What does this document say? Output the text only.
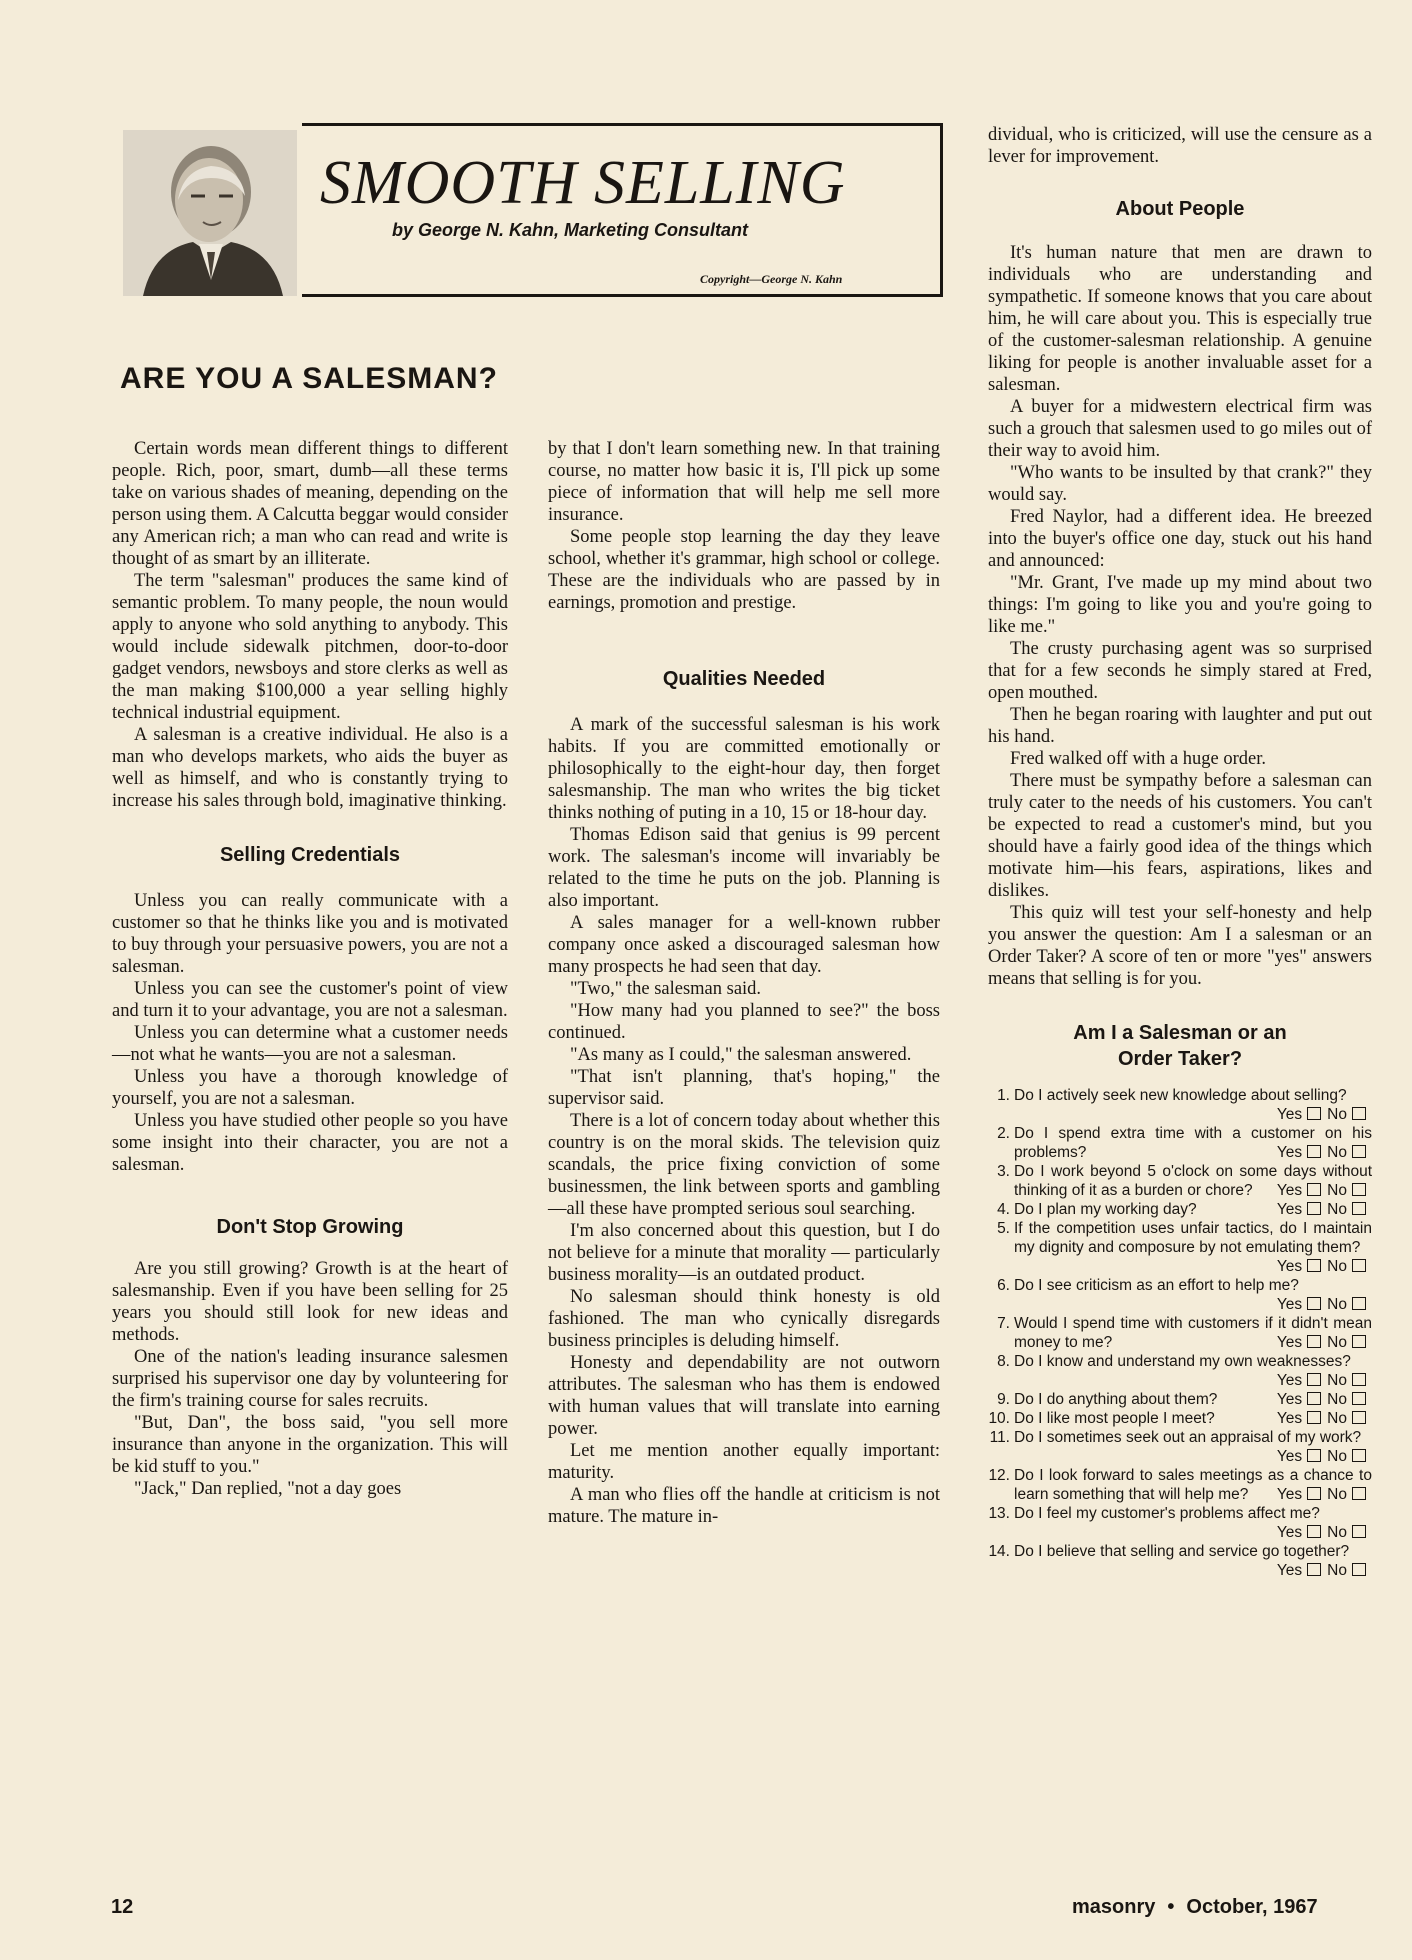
SMOOTH SELLING
by George N. Kahn, Marketing Consultant
Copyright—George N. Kahn
ARE YOU A SALESMAN?

Certain words mean different things to different people. Rich, poor, smart, dumb—all these terms take on various shades of meaning, depending on the person using them. A Calcutta beggar would consider any American rich; a man who can read and write is thought of as smart by an illiterate.

The term "salesman" produces the same kind of semantic problem. To many people, the noun would apply to anyone who sold anything to anybody. This would include sidewalk pitchmen, door-to-door gadget vendors, newsboys and store clerks as well as the man making $100,000 a year selling highly technical industrial equipment.

A salesman is a creative individual. He also is a man who develops markets, who aids the buyer as well as himself, and who is constantly trying to increase his sales through bold, imaginative thinking.

Selling Credentials

Unless you can really communicate with a customer so that he thinks like you and is motivated to buy through your persuasive powers, you are not a salesman.

Unless you can see the customer's point of view and turn it to your advantage, you are not a salesman.

Unless you can determine what a customer needs—not what he wants—you are not a salesman.

Unless you have a thorough knowledge of yourself, you are not a salesman.

Unless you have studied other people so you have some insight into their character, you are not a salesman.

Don't Stop Growing

Are you still growing? Growth is at the heart of salesmanship. Even if you have been selling for 25 years you should still look for new ideas and methods.

One of the nation's leading insurance salesmen surprised his supervisor one day by volunteering for the firm's training course for sales recruits.

"But, Dan", the boss said, "you sell more insurance than anyone in the organization. This will be kid stuff to you."

"Jack," Dan replied, "not a day goes

by that I don't learn something new. In that training course, no matter how basic it is, I'll pick up some piece of information that will help me sell more insurance.

Some people stop learning the day they leave school, whether it's grammar, high school or college. These are the individuals who are passed by in earnings, promotion and prestige.

Qualities Needed

A mark of the successful salesman is his work habits. If you are committed emotionally or philosophically to the eight-hour day, then forget salesmanship. The man who writes the big ticket thinks nothing of puting in a 10, 15 or 18-hour day.

Thomas Edison said that genius is 99 percent work. The salesman's income will invariably be related to the time he puts on the job. Planning is also important.

A sales manager for a well-known rubber company once asked a discouraged salesman how many prospects he had seen that day.

"Two," the salesman said.

"How many had you planned to see?" the boss continued.

"As many as I could," the salesman answered.

"That isn't planning, that's hoping," the supervisor said.

There is a lot of concern today about whether this country is on the moral skids. The television quiz scandals, the price fixing conviction of some businessmen, the link between sports and gambling—all these have prompted serious soul searching.

I'm also concerned about this question, but I do not believe for a minute that morality — particularly business morality—is an outdated product.

No salesman should think honesty is old fashioned. The man who cynically disregards business principles is deluding himself.

Honesty and dependability are not outworn attributes. The salesman who has them is endowed with human values that will translate into earning power.

Let me mention another equally important: maturity.

A man who flies off the handle at criticism is not mature. The mature in-

dividual, who is criticized, will use the censure as a lever for improvement.

About People

It's human nature that men are drawn to individuals who are understanding and sympathetic. If someone knows that you care about him, he will care about you. This is especially true of the customer-salesman relationship. A genuine liking for people is another invaluable asset for a salesman.

A buyer for a midwestern electrical firm was such a grouch that salesmen used to go miles out of their way to avoid him.

"Who wants to be insulted by that crank?" they would say.

Fred Naylor, had a different idea. He breezed into the buyer's office one day, stuck out his hand and announced:

"Mr. Grant, I've made up my mind about two things: I'm going to like you and you're going to like me."

The crusty purchasing agent was so surprised that for a few seconds he simply stared at Fred, open mouthed.

Then he began roaring with laughter and put out his hand.

Fred walked off with a huge order.

There must be sympathy before a salesman can truly cater to the needs of his customers. You can't be expected to read a customer's mind, but you should have a fairly good idea of the things which motivate him—his fears, aspirations, likes and dislikes.

This quiz will test your self-honesty and help you answer the question: Am I a salesman or an Order Taker? A score of ten or more "yes" answers means that selling is for you.

Am I a Salesman or an
Order Taker?
1. Do I actively seek new knowledge about selling?
Yes No
2. Do I spend extra time with a customer on his problems?	Yes No
3. Do I work beyond 5 o'clock on some days without thinking of it as a burden or chore? Yes No
4. Do I plan my working day?	Yes No
5. If the competition uses unfair tactics, do I maintain my dignity and composure by not emulating them?
Yes No
6. Do I see criticism as an effort to help me?
Yes No
7. Would I spend time with customers if it didn't mean money to me?	Yes No
8. Do I know and understand my own weaknesses?
Yes No
9. Do I do anything about them?	Yes No
10. Do I like most people I meet?	Yes No
11. Do I sometimes seek out an appraisal of my work?
Yes No
12. Do I look forward to sales meetings as a chance to learn something that will help me? Yes No
13. Do I feel my customer's problems affect me?
Yes No
14. Do I believe that selling and service go together?
Yes No
12	masonry • October, 1967
